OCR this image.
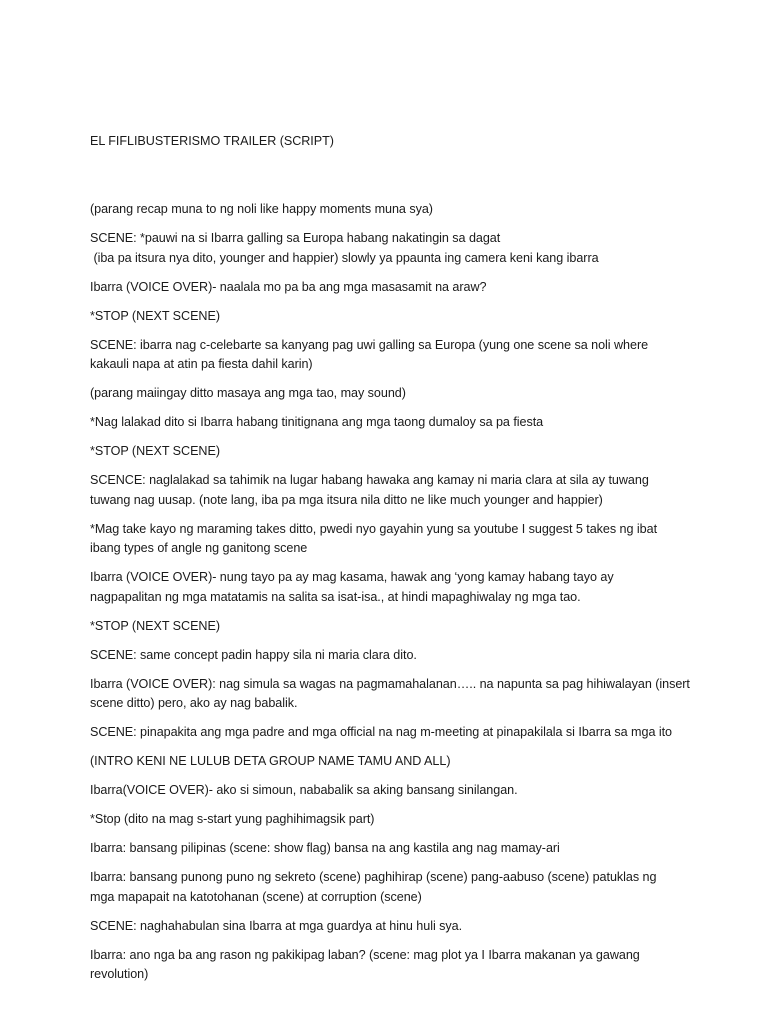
EL FIFLIBUSTERISMO TRAILER (SCRIPT)

(parang recap muna to ng noli like happy moments muna sya)
SCENE: *pauwi na si Ibarra galling sa Europa habang nakatingin sa dagat
(iba pa itsura nya dito, younger and happier) slowly ya ppaunta ing camera keni kang ibarra
Ibarra (VOICE OVER)- naalala mo pa ba ang mga masasamit na araw?
*STOP (NEXT SCENE)
SCENE: ibarra nag c-celebarte sa kanyang pag uwi galling sa Europa (yung one scene sa noli where
kakauli napa at atin pa fiesta dahil karin)
(parang maiingay ditto masaya ang mga tao, may sound)
*Nag lalakad dito si Ibarra habang tinitignana ang mga taong dumaloy sa pa fiesta
*STOP (NEXT SCENE)
SCENCE: naglalakad sa tahimik na lugar habang hawaka ang kamay ni maria clara at sila ay tuwang
tuwang nag uusap. (note lang, iba pa mga itsura nila ditto ne like much younger and happier)
*Mag take kayo ng maraming takes ditto, pwedi nyo gayahin yung sa youtube I suggest 5 takes ng ibat
ibang types of angle ng ganitong scene
Ibarra (VOICE OVER)- nung tayo pa ay mag kasama, hawak ang ‘yong kamay habang tayo ay
nagpapalitan ng mga matatamis na salita sa isat-isa., at hindi mapaghiwalay ng mga tao.
*STOP (NEXT SCENE)
SCENE: same concept padin happy sila ni maria clara dito.
Ibarra (VOICE OVER): nag simula sa wagas na pagmamahalanan….. na napunta sa pag hihiwalayan (insert
scene ditto) pero, ako ay nag babalik.
SCENE: pinapakita ang mga padre and mga official na nag m-meeting at pinapakilala si Ibarra sa mga ito
(INTRO KENI NE LULUB DETA GROUP NAME TAMU AND ALL)
Ibarra(VOICE OVER)- ako si simoun, nababalik sa aking bansang sinilangan.
*Stop (dito na mag s-start yung paghihimagsik part)
Ibarra: bansang pilipinas (scene: show flag) bansa na ang kastila ang nag mamay-ari
Ibarra: bansang punong puno ng sekreto (scene) paghihirap (scene) pang-aabuso (scene) patuklas ng
mga mapapait na katotohanan (scene) at corruption (scene)
SCENE: naghahabulan sina Ibarra at mga guardya at hinu huli sya.
Ibarra: ano nga ba ang rason ng pakikipag laban? (scene: mag plot ya I Ibarra makanan ya gawang
revolution)
